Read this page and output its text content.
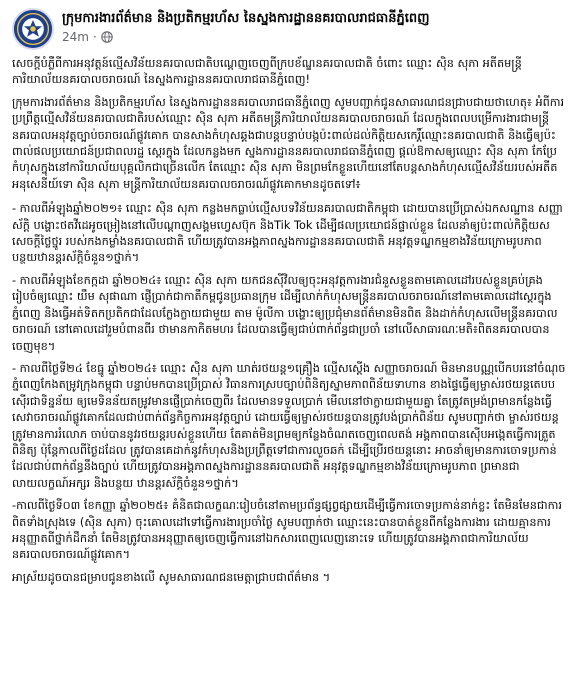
ក្រុមការងារព័ត៌មាន និងប្រតិកម្មរហ័ស នៃស្នងការដ្ឋាននគរបាលរាជធានីភ្នំពេញ
24m ·

សេចក្ដីបំភ្លឺពីការអនុវត្តន៍ល្មើសវិន័យនគរបាលជាតិបណ្ដេញចេញពីក្របខ័ណ្ឌនគរបាលជាតិ ចំពោះ ឈ្មោះ ស៊ិន សុភា អតីតមន្ត្រីការិយាល័យនគរបាលចរាចរណ៍ នៃស្នងការដ្ឋាននគរបាលរាជធានីភ្នំពេញ!

ក្រុមការងារព័ត៌មាន និងប្រតិកម្មរហ័ស នៃស្នងការដ្ឋាននគរបាលរាជធានីភ្នំពេញ សូមបញ្ជាក់ជូនសាធារណជនជ្រាបជាយថាហេតុ៖ អំពីការប្រព្រឹត្តល្មើសវិន័យនគរបាលជាតិរបស់ឈ្មោះ ស៊ិន សុភា អតីតមន្ត្រីការិយាល័យនគរបាលចរាចរណ៍ ដែលក្នុងពេលបម្រើការងារជាមន្ត្រីនគរបាលអនុវត្តច្បាប់ចរាចរណ៍ផ្លូវគោក បានសាងកំហុសឆ្គងជាបន្តបន្ទាប់បង្កប៉ះពាល់ដល់កិត្តិយសកេរ្តិ៍ឈ្មោះនគរបាលជាតិ និងធ្វើឲ្យប៉ះពាល់ផលប្រយោជន៍ប្រជាពលរដ្ឋ ស្ដេរក្នុង ដែលកន្លងមក ស្នងការដ្ឋាននគរបាលរាជធានីភ្នំពេញ ផ្ដល់ឱកាសឲ្យឈ្មោះ ស៊ិន សុភា កែប្រែកំហុសក្នុងនៅការិយាល័យបុគ្គលិកជាច្រើនលើក តែឈ្មោះ ស៊ិន សុភា មិនព្រមកែខ្លួនហើយនៅតែបន្តសាងកំហុសល្មើសវិន័យរបស់អតីតអនុសេនីយ៍ទោ ស៊ិន សុភា មន្ត្រីការិយាល័យនគរបាលចរាចរណ៍ផ្លូវគោកមានដូចតទៅ៖

- កាលពីអំឡុងឆ្នាំ២០២១៖ ឈ្មោះ ស៊ិន សុភា កន្លងមកធ្លាប់ល្មើសបទវិន័យនគរបាលជាតិកម្ពុជា ដោយបានប្រើប្រាស់ឯកសណ្ឋាន សញ្ញាស័ក្តិ បង្ហោះថតវីដេអូចម្រៀងនៅលើបណ្ដាញសង្គមហ្វេសប៊ុក និងTik Tok ដើម្បីផលប្រយោជន៍ផ្ទាល់ខ្លួន ដែលនាំឲ្យប៉ះពាល់កិត្តិយស សេចក្ដីថ្លៃថ្នូរ របស់កងកម្លាំងនគរបាលជាតិ ហើយត្រូវបានអង្គភាពស្នងការដ្ឋាននគរបាលជាតិ អនុវត្តទណ្ឌកម្មខាងវិន័យក្រោមរូបភាព បន្ថយឋានន្តរស័ក្តិចំនួន១ថ្នាក់។

- កាលពីអំឡុងខែកក្កដា ឆ្នាំ២០២៤៖ ឈ្មោះ ស៊ិន សុភា យកជនស៊ីវិលឲ្យចុះអនុវត្តការងារជំនួសខ្លួនតាមគោលដៅរបស់ខ្លួនគ្រប់គ្រង រៀបចំឲ្យឈ្មោះ យឹម សុផាណា ផ្ញើប្រាក់ជាកាតឹកម្ពជូនប្រធានក្រុម ដើម្បីលាក់កំហុសមន្ត្រីនគរបាលចរាចរណ៍នៅតាមគោលដៅស្ដេរក្នុងភ្នំពេញ និងធ្វើអត់ទិតកប្រតិកជាដែលក្លែងក្លាយជាមួយ តាម ម៉ូលីកា បង្ហោះឲ្យប្រជុំមានព័ត៌មានមិនពិត និងដាក់កំហុសលើមន្ត្រីនគរបាលចរាចរណ៍ នៅគោលដៅរួមបំពានពីរ ថាមានកាកិតមហរ ដែលបានធ្វើឲ្យជាប់ពាក់ព័ន្ធជាប្រចាំ នៅលើសាធារណៈមតិ៖ពិតនគរបាលបានចេញមុខ។

- កាលពីថ្ងៃទី២៤ ខែធ្នូ ឆ្នាំ២០២៤៖ ឈ្មោះ ស៊ិន សុភា ឃាត់រថយន្ត១គ្រឿង ល្មើសស្ដើង សញ្ញាចរាចរណ៍ មិនមានបណ្ណបើកបរនៅចំណុចភ្នំពេញកែងតម្រូវក្រុងកម្ពុជា បន្ទាប់មកបានប្រើប្រាស់ វិធានការស្របច្បាប់ពិនិត្យស្នាមភាពពិន័យទាហាន ខាងផ្ទៃធ្វើឲ្យម្ចាស់រថយន្តតេបបស៊ើរជាទិន្នន័យ ឲ្យមេទិនន័យតម្រូវមានផ្ញើប្រាក់ចេញពីរ ដែលមានទទួលប្រាក់ មើលនៅថាក្លាយជាមួយគ្នា តែត្រូវតម្រង់ព្រមានកន្លែងធ្វើសេវាចរាចរណ៍ផ្លូវគោកដែលជាប់ពាក់ព័ន្ធកិច្ចការអនុវត្តច្បាប់ ដោយធ្វើឲ្យម្ចាស់រថយន្តបានត្រូវបង់ប្រាក់ពិន័យ សូមបញ្ជាក់ថា ម្ចាស់រថយន្តត្រូវមានការរំលោភ ចាប់បាននូវរថយន្តរបស់ខ្លួនហើយ តែគាត់មិនព្រមឲ្យកន្លែងចំណតចេញពេលតង់ អង្គភាពបានស៊ើបអង្កេតធ្វើការត្រួតពិនិត្យ ប៉ុន្តែកាលពីថ្ងៃដដែល ត្រូវបានគេដាក់នូវកំហុសនិងប្រព្រឹត្តទៅជាការលួចឆក់ ដើម្បីប្រើរថយន្តនោះ អាចនាំឲ្យមានការចោទប្រកាន់ ដែលជាប់ពាក់ព័ន្ធនឹងច្បាប់ ហើយត្រូវបានអង្គភាពស្នងការដ្ឋាននគរបាលជាតិ អនុវត្តទណ្ឌកម្មខាងវិន័យក្រោមរូបភាព ព្រមានជាលាយលក្ខណ៍អក្សរ និងបន្ថយ ឋានន្តរស័ក្តិចំនួន១ថ្នាក់។

-កាលពីថ្ងៃទី០៣ ខែកញ្ញា ឆ្នាំ២០២៥៖ គំនិតជាលក្ខណៈរៀបចំនៅតាមប្រព័ន្ធផ្សព្វផ្សាយដើម្បីធ្វើការចោទប្រកាន់នាក់ខ្លះ តែមិនមែនជាការពិតទាំងស្រុងទេ (ស៊ិន សុភា) ចុះគោលដៅទៅធ្វើការងារប្រចាំថ្ងៃ សូមបញ្ជាក់ថា ឈ្មោះនេះបានបាត់ខ្លួនពីកន្លែងការងារ ដោយគ្មានការអនុញ្ញាតពីថ្នាក់ដឹកនាំ តែមិនត្រូវបានអនុញ្ញាតឲ្យចេញធ្វើការនៅឯកសារពេញលេញនោះទេ ហើយត្រូវបានអង្គភាពជាការិយាល័យនគរបាលចរាចរណ៍ផ្លូវគោក។

អាស្រ័យដូចបានជម្រាបជូនខាងលើ សូមសាធារណជនមេត្តាជ្រាបជាព័ត៌មាន ។
